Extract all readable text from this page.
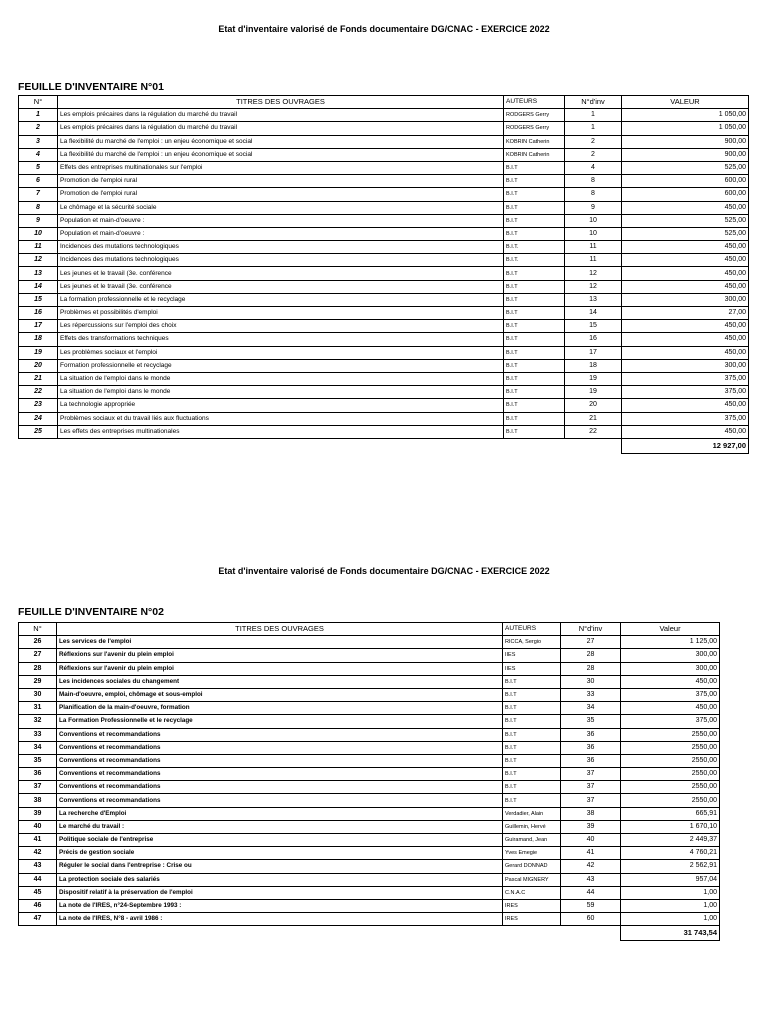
Etat d'inventaire valorisé de Fonds documentaire DG/CNAC - EXERCICE 2022
FEUILLE D'INVENTAIRE N°01
N°	TITRES DES OUVRAGES	AUTEURS	N°d'inv	VALEUR
1	Les emplois précaires dans la régulation du marché du travail	RODGERS Gerry	1	1 050,00
2	Les emplois précaires dans la régulation du marché du travail	RODGERS Gerry	1	1 050,00
3	La flexibilité du marché de l'emploi : un enjeu économique et social	KOBRIN Catherin	2	900,00
4	La flexibilité du marché de l'emploi : un enjeu économique et social	KOBRIN Catherin	2	900,00
5	Effets des entreprises multinationales sur l'emploi	B.I.T	4	525,00
6	Promotion de l'emploi rural	B.I.T	8	600,00
7	Promotion de l'emploi rural	B.I.T	8	600,00
8	Le chômage et la sécurité sociale	B.I.T	9	450,00
9	Population et main-d'oeuvre :	B.I.T	10	525,00
10	Population et main-d'oeuvre :	B.I.T	10	525,00
11	Incidences des mutations technologiques	B.I.T.	11	450,00
12	Incidences des mutations technologiques	B.I.T.	11	450,00
13	Les jeunes et le travail (3e. conférence	B.I.T	12	450,00
14	Les jeunes et le travail (3e. conférence	B.I.T	12	450,00
15	La formation professionnelle et le recyclage	B.I.T	13	300,00
16	Problèmes et possibilités d'emploi	B.I.T	14	27,00
17	Les répercussions sur l'emploi des choix	B.I.T	15	450,00
18	Effets des transformations techniques	B.I.T	16	450,00
19	Les problèmes sociaux et l'emploi	B.I.T	17	450,00
20	Formation professionnelle et recyclage	B.I.T	18	300,00
21	La situation de l'emploi dans le monde	B.I.T	19	375,00
22	La situation de l'emploi dans le monde	B.I.T	19	375,00
23	La technologie appropriée	B.I.T	20	450,00
24	Problèmes sociaux et du travail liés aux fluctuations	B.I.T	21	375,00
25	Les effets des entreprises multinationales	B.I.T	22	450,00
				12 927,00
Etat d'inventaire valorisé de Fonds documentaire DG/CNAC - EXERCICE 2022
FEUILLE D'INVENTAIRE N°02
N°	TITRES DES OUVRAGES	AUTEURS	N°d'inv	Valeur
26	Les services de l'emploi	RICCA, Sergio	27	1 125,00
27	Réflexions sur l'avenir du plein emploi	IIES	28	300,00
28	Réflexions sur l'avenir du plein emploi	IIES	28	300,00
29	Les incidences sociales du changement	B.I.T	30	450,00
30	Main-d'oeuvre, emploi, chômage et sous-emploi	B.I.T	33	375,00
31	Planification de la main-d'oeuvre, formation	B.I.T	34	450,00
32	La Formation Professionnelle et le recyclage	B.I.T	35	375,00
33	Conventions et recommandations	B.I.T	36	2550,00
34	Conventions et recommandations	B.I.T	36	2550,00
35	Conventions et recommandations	B.I.T	36	2550,00
36	Conventions et recommandations	B.I.T	37	2550,00
37	Conventions et recommandations	B.I.T	37	2550,00
38	Conventions et recommandations	B.I.T	37	2550,00
39	La recherche d'Emploi	Verdadier, Alain	38	665,91
40	Le marché du travail :	Guillemin, Hervé	39	1 670,10
41	Politique sociale de l'entreprise	Guiramand, Jean	40	2 449,37
42	Précis de gestion sociale	Yves Emegie	41	4 760,21
43	Réguler le social dans l'entreprise : Crise ou	Gerard DONNAD	42	2 562,91
44	La protection sociale des salariés	Pascal MIGNERY	43	957,04
45	Dispositif relatif à la préservation de l'emploi	C.N.A.C	44	1,00
46	La note de l'IRES, n°24-Septembre 1993 :	IRES	59	1,00
47	La note de l'IRES, N°8 - avril 1986 :	IRES	60	1,00
				31 743,54
